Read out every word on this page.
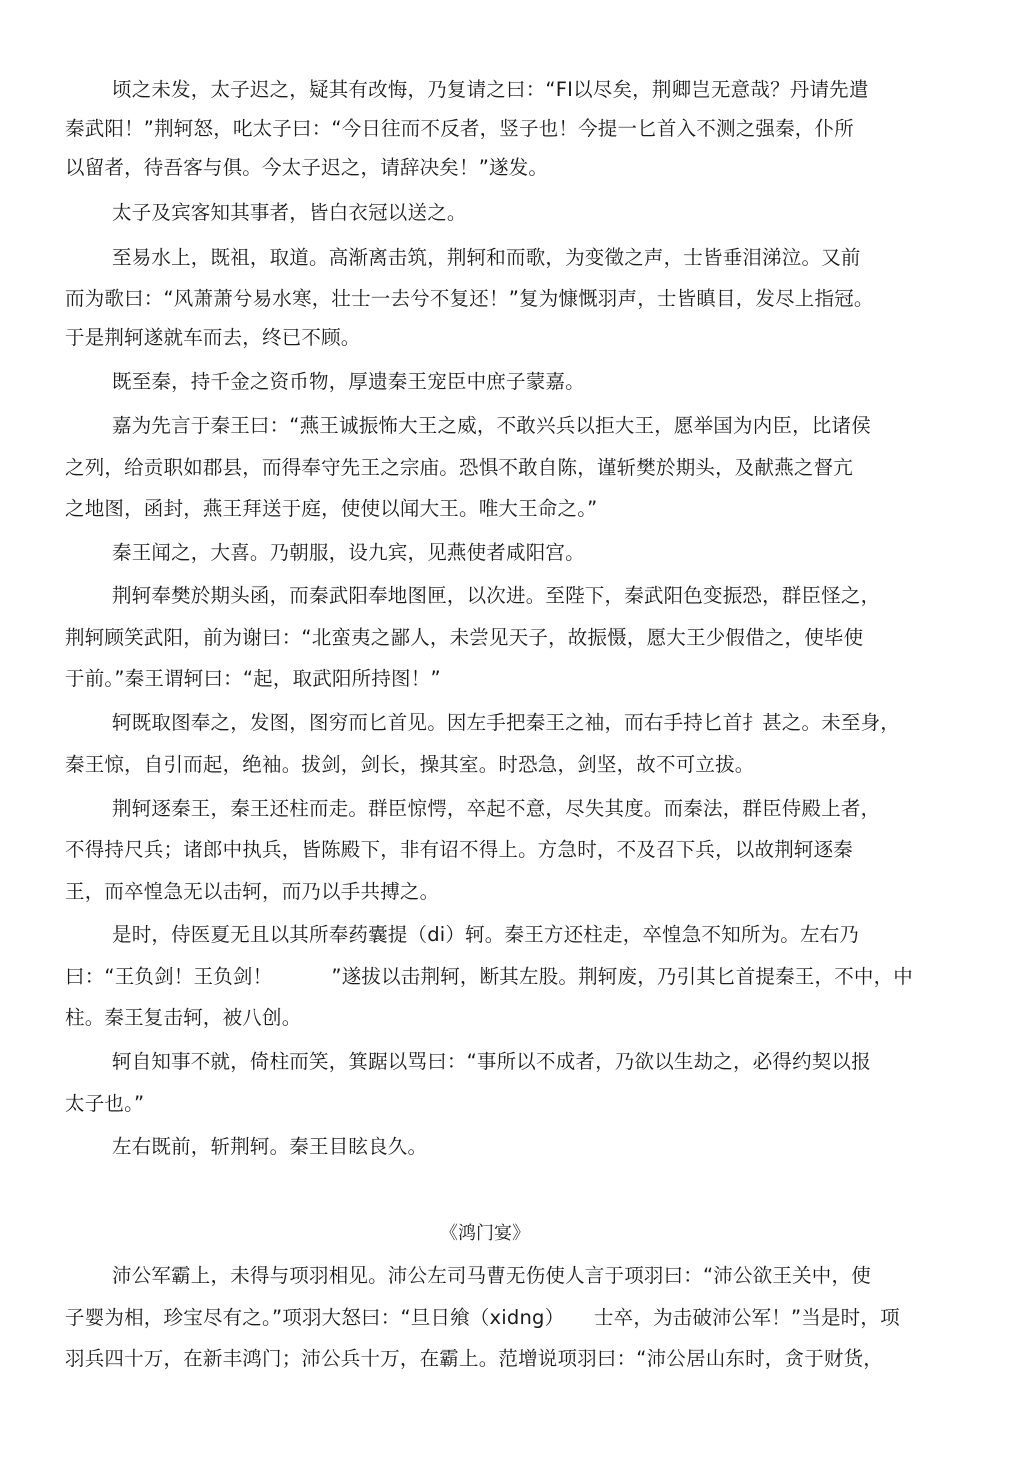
顷之未发，太子迟之，疑其有改悔，乃复请之曰：“FI以尽矣，荆卿岂无意哉？丹请先遣
秦武阳！”荆轲怒，叱太子曰：“今日往而不反者，竖子也！今提一匕首入不测之强秦，仆所
以留者，待吾客与俱。今太子迟之，请辞决矣！”遂发。
太子及宾客知其事者，皆白衣冠以送之。
至易水上，既祖，取道。高渐离击筑，荆轲和而歌，为变徵之声，士皆垂泪涕泣。又前
而为歌曰：“风萧萧兮易水寒，壮士一去兮不复还！”复为慷慨羽声，士皆瞋目，发尽上指冠。
于是荆轲遂就车而去，终已不顾。
既至秦，持千金之资币物，厚遗秦王宠臣中庶子蒙嘉。
嘉为先言于秦王曰：“燕王诚振怖大王之威，不敢兴兵以拒大王，愿举国为内臣，比诸侯
之列，给贡职如郡县，而得奉守先王之宗庙。恐惧不敢自陈，谨斩樊於期头，及献燕之督亢
之地图，函封，燕王拜送于庭，使使以闻大王。唯大王命之。”
秦王闻之，大喜。乃朝服，设九宾，见燕使者咸阳宫。
荆轲奉樊於期头函，而秦武阳奉地图匣，以次进。至陛下，秦武阳色变振恐，群臣怪之，
荆轲顾笑武阳，前为谢曰：“北蛮夷之鄙人，未尝见天子，故振慑，愿大王少假借之，使毕使
于前。”秦王谓轲曰：“起，取武阳所持图！”
轲既取图奉之，发图，图穷而匕首见。因左手把秦王之袖，而右手持匕首扌甚之。未至身，
秦王惊，自引而起，绝袖。拔剑，剑长，操其室。时恐急，剑坚，故不可立拔。
荆轲逐秦王，秦王还柱而走。群臣惊愕，卒起不意，尽失其度。而秦法，群臣侍殿上者，
不得持尺兵；诸郎中执兵，皆陈殿下，非有诏不得上。方急时，不及召下兵，以故荆轲逐秦
王，而卒惶急无以击轲，而乃以手共搏之。
是时，侍医夏无且以其所奉药囊提（di）轲。秦王方还柱走，卒惶急不知所为。左右乃
曰：“王负剑！王负剑！　　　”遂拔以击荆轲，断其左股。荆轲废，乃引其匕首提秦王，不中，中
柱。秦王复击轲，被八创。
轲自知事不就，倚柱而笑，箕踞以骂曰：“事所以不成者，乃欲以生劫之，必得约契以报
太子也。”
左右既前，斩荆轲。秦王目眩良久。
《鸿门宴》
沛公军霸上，未得与项羽相见。沛公左司马曹无伤使人言于项羽曰：“沛公欲王关中，使
子婴为相，珍宝尽有之。”项羽大怒曰：“旦日飨（xidng）　　士卒，为击破沛公军！”当是时，项
羽兵四十万，在新丰鸿门；沛公兵十万，在霸上。范增说项羽曰：“沛公居山东时，贪于财货，
